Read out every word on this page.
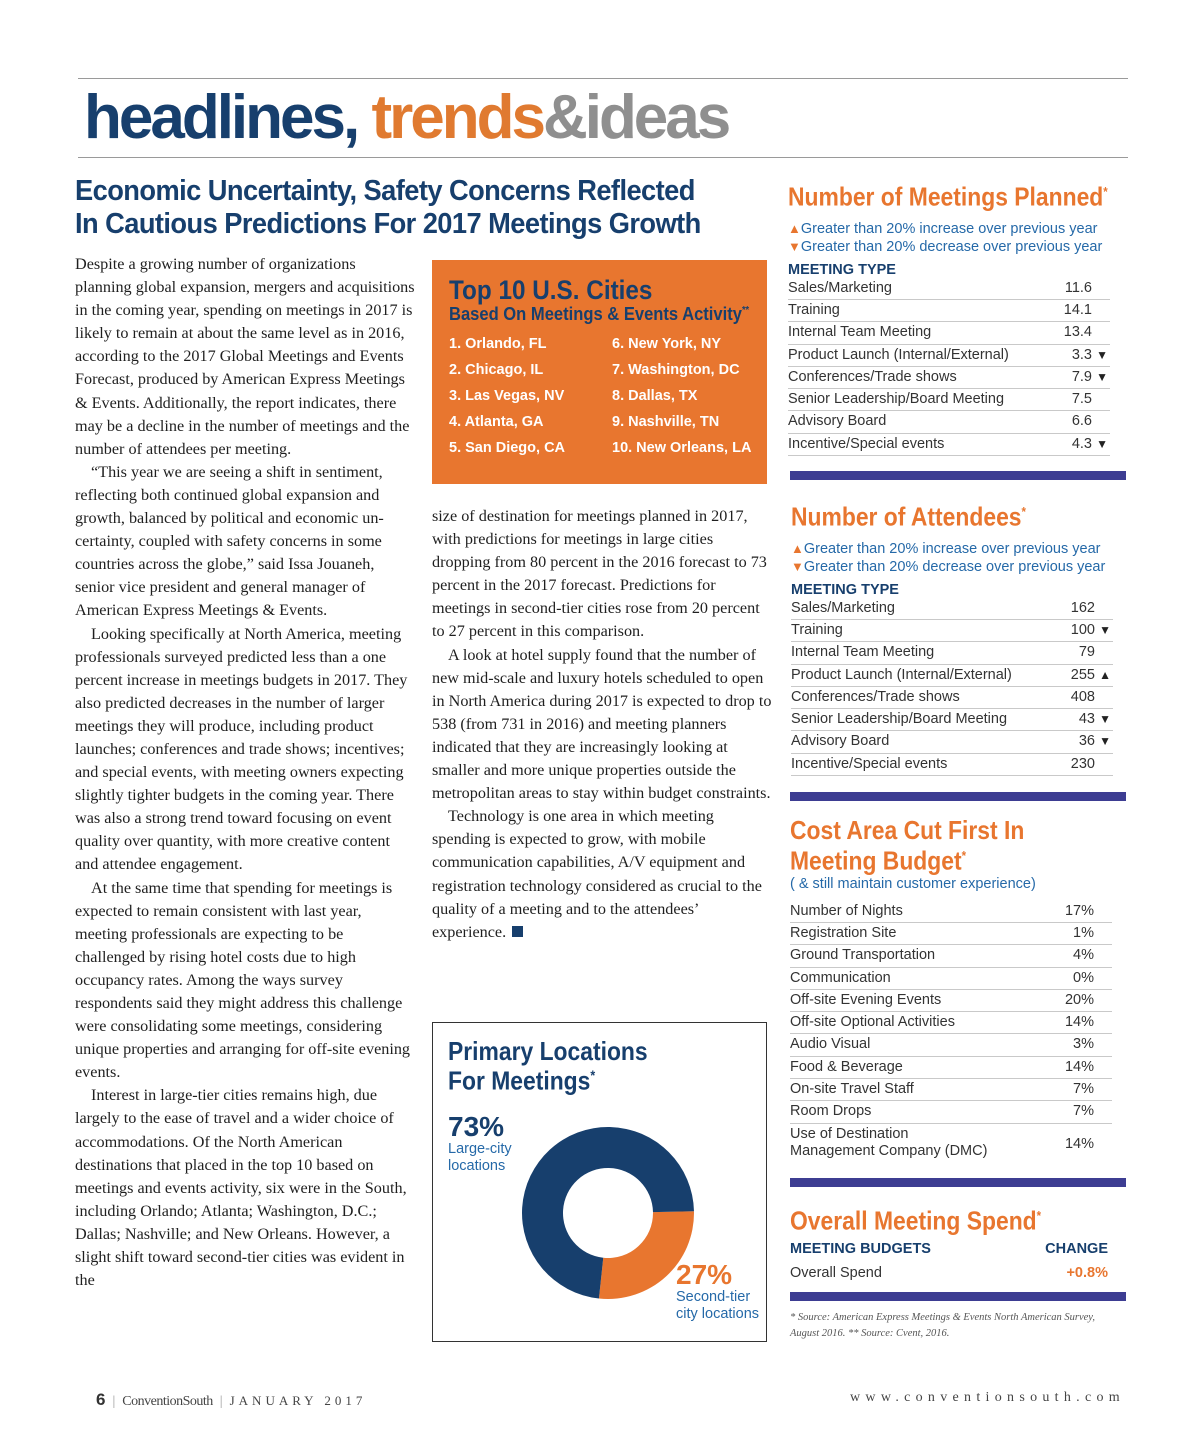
headlines, trends&ideas
Economic Uncertainty, Safety Concerns Reflected
In Cautious Predictions For 2017 Meetings Growth

Despite a growing number of organizations planning global expansion, mergers and acquisitions in the coming year, spending on meetings in 2017 is likely to remain at about the same level as in 2016, according to the 2017 Global Meetings and Events Forecast, produced by American Express Meetings & Events. Additionally, the report indicates, there may be a decline in the number of meetings and the number of attendees per meeting.

“This year we are seeing a shift in sentiment, reflecting both continued global expansion and growth, balanced by political and economic uncertainty, coupled with safety concerns in some countries across the globe,” said Issa Jouaneh, senior vice president and general manager of American Express Meetings & Events.

Looking specifically at North America, meeting professionals surveyed predicted less than a one percent increase in meetings budgets in 2017. They also predicted decreases in the number of larger meetings they will produce, including product launches; conferences and trade shows; incentives; and special events, with meeting owners expecting slightly tighter budgets in the coming year. There was also a strong trend toward focusing on event quality over quantity, with more creative content and attendee engagement.

At the same time that spending for meetings is expected to remain consistent with last year, meeting professionals are expecting to be challenged by rising hotel costs due to high occupancy rates. Among the ways survey respondents said they might address this challenge were consolidating some meetings, considering unique properties and arranging for off-site evening events.

Interest in large-tier cities remains high, due largely to the ease of travel and a wider choice of accommodations. Of the North American destinations that placed in the top 10 based on meetings and events activity, six were in the South, including Orlando; Atlanta; Washington, D.C.; Dallas; Nashville; and New Orleans. However, a slight shift toward second-tier cities was evident in the

Top 10 U.S. Cities
Based On Meetings & Events Activity**
1. Orlando, FL
2. Chicago, IL
3. Las Vegas, NV
4. Atlanta, GA
5. San Diego, CA
6. New York, NY
7. Washington, DC
8. Dallas, TX
9. Nashville, TN
10. New Orleans, LA

size of destination for meetings planned in 2017, with predictions for meetings in large cities dropping from 80 percent in the 2016 forecast to 73 percent in the 2017 forecast. Predictions for meetings in second-tier cities rose from 20 percent to 27 percent in this comparison.

A look at hotel supply found that the number of new mid-scale and luxury hotels scheduled to open in North America during 2017 is expected to drop to 538 (from 731 in 2016) and meeting planners indicated that they are increasingly looking at smaller and more unique properties outside the metropolitan areas to stay within budget constraints.

Technology is one area in which meeting spending is expected to grow, with mobile communication capabilities, A/V equipment and registration technology considered as crucial to the quality of a meeting and to the attendees’ experience.

Primary Locations
For Meetings*
73%
Large-city locations
27%
Second-tier city locations
Number of Meetings Planned*
▲Greater than 20% increase over previous year
▼Greater than 20% decrease over previous year
MEETING TYPE
Sales/Marketing	11.6
Training	14.1
Internal Team Meeting	13.4
Product Launch (Internal/External)	3.3 ▼
Conferences/Trade shows	7.9 ▼
Senior Leadership/Board Meeting	7.5
Advisory Board	6.6
Incentive/Special events	4.3 ▼
Number of Attendees*
▲Greater than 20% increase over previous year
▼Greater than 20% decrease over previous year
MEETING TYPE
Sales/Marketing	162
Training	100 ▼
Internal Team Meeting	79
Product Launch (Internal/External)	255 ▲
Conferences/Trade shows	408
Senior Leadership/Board Meeting	43 ▼
Advisory Board	36 ▼
Incentive/Special events	230
Cost Area Cut First In
Meeting Budget*
( & still maintain customer experience)
Number of Nights	17%
Registration Site	1%
Ground Transportation	4%
Communication	0%
Off-site Evening Events	20%
Off-site Optional Activities	14%
Audio Visual	3%
Food & Beverage	14%
On-site Travel Staff	7%
Room Drops	7%
Use of Destination
Management Company (DMC)	14%
Overall Meeting Spend*
MEETING BUDGETS	CHANGE
Overall Spend	+0.8%
* Source: American Express Meetings & Events North American Survey,
August 2016. ** Source: Cvent, 2016.
6  |  ConventionSouth  |  JANUARY 2017	www.conventionsouth.com
